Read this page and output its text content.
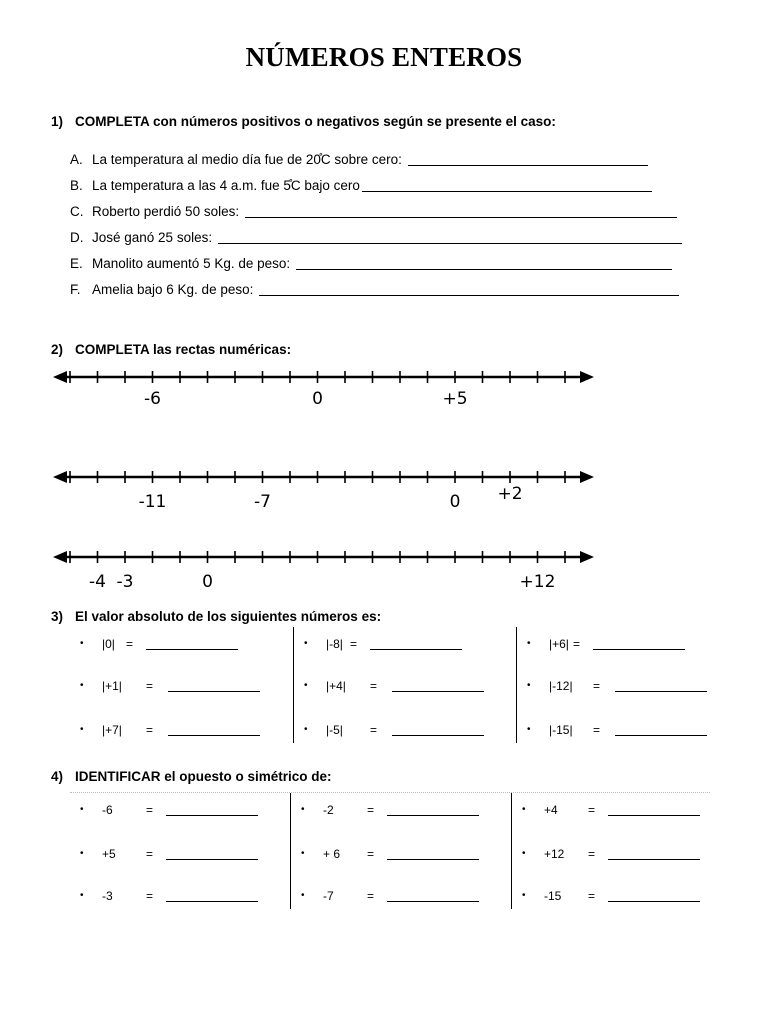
NÚMEROS ENTEROS
1) COMPLETA con números positivos o negativos según se presente el caso:
A. La temperatura al medio día fue de 20̊C sobre cero:
B. La temperatura a las 4 a.m. fue 5̊C bajo cero
C. Roberto perdió 50 soles:
D. José ganó 25 soles:
E. Manolito aumentó 5 Kg. de peso:
F. Amelia bajo 6 Kg. de peso:
2) COMPLETA las rectas numéricas:
-6	0	+5
-11	-7	0 +2
-4 -3	0	+12
3) El valor absoluto de los siguientes números es:
• |0| =
• |+1| =
• |+7| =
• |-8| =
• |+4| =
• |-5| =
• |+6| =
• |-12| =
• |-15| =
4) IDENTIFICAR el opuesto o simétrico de:
• -6	=
• +5	=
• -3	=
• -2	=
• + 6 =
• -7	=
• +4	=
• +12 =
• -15 =
